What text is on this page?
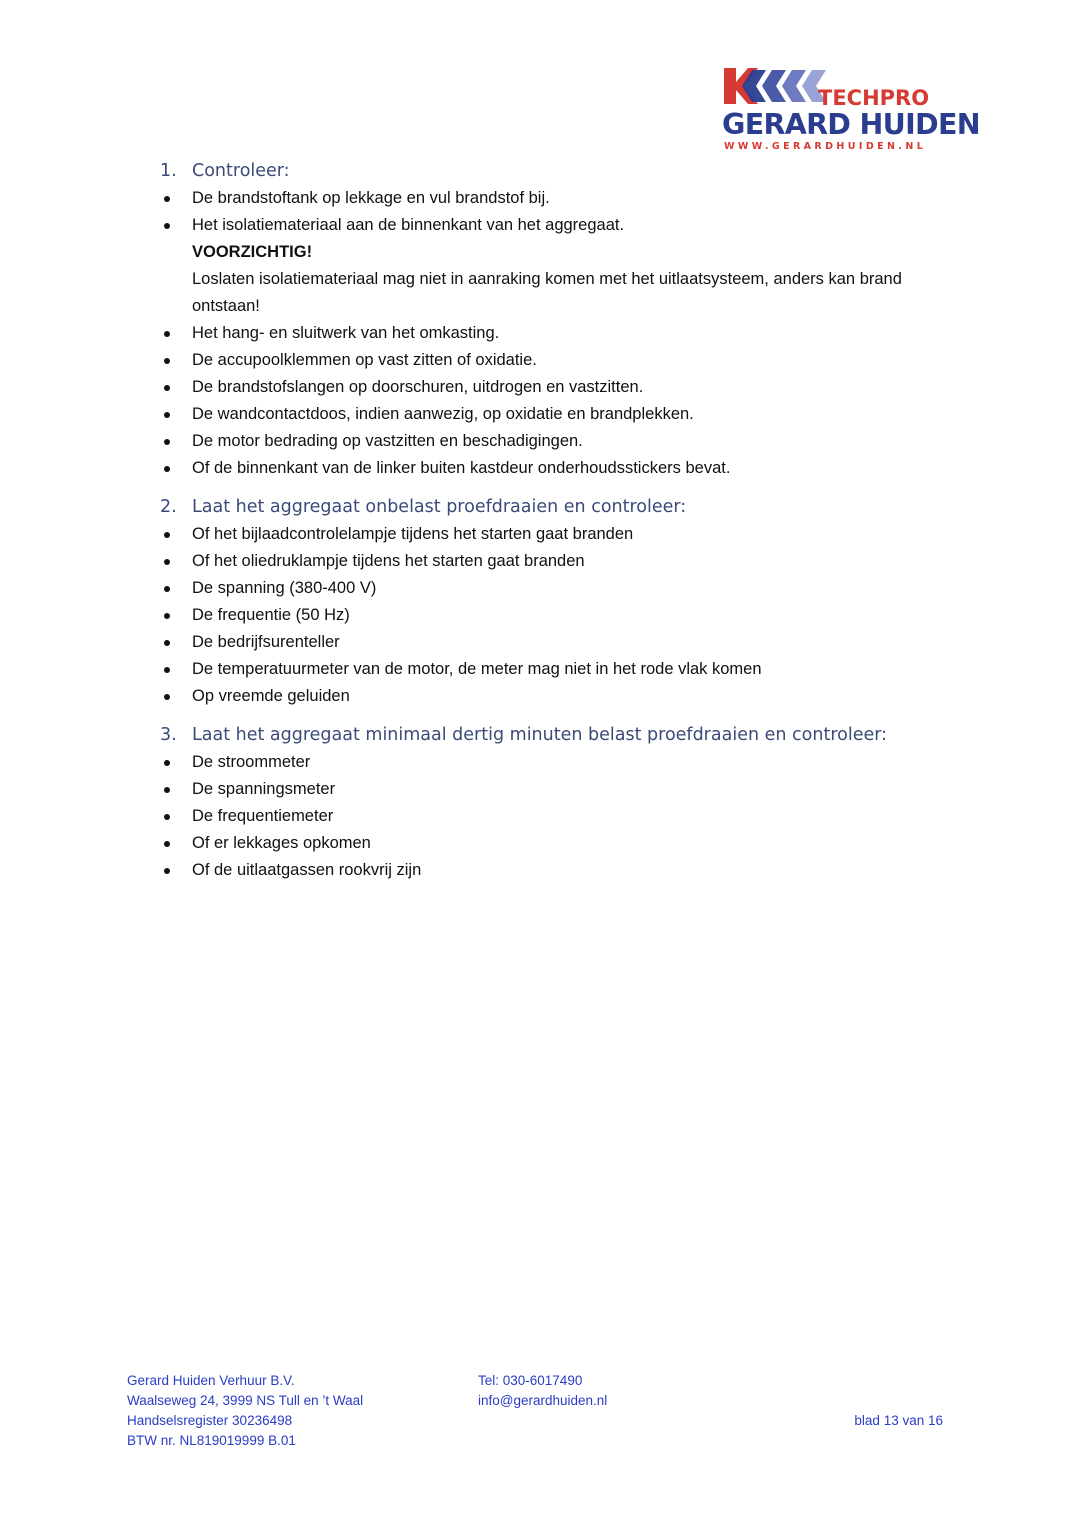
TECHPRO
GERARD HUIDEN
WWW.GERARDHUIDEN.NL
1. Controleer:
De brandstoftank op lekkage en vul brandstof bij.
Het isolatiemateriaal aan de binnenkant van het aggregaat.
VOORZICHTIG!
Loslaten isolatiemateriaal mag niet in aanraking komen met het uitlaatsysteem, anders kan brand ontstaan!
Het hang- en sluitwerk van het omkasting.
De accupoolklemmen op vast zitten of oxidatie.
De brandstofslangen op doorschuren, uitdrogen en vastzitten.
De wandcontactdoos, indien aanwezig, op oxidatie en brandplekken.
De motor bedrading op vastzitten en beschadigingen.
Of de binnenkant van de linker buiten kastdeur onderhoudsstickers bevat.
2. Laat het aggregaat onbelast proefdraaien en controleer:
Of het bijlaadcontrolelampje tijdens het starten gaat branden
Of het oliedruklampje tijdens het starten gaat branden
De spanning (380-400 V)
De frequentie (50 Hz)
De bedrijfsurenteller
De temperatuurmeter van de motor, de meter mag niet in het rode vlak komen
Op vreemde geluiden
3. Laat het aggregaat minimaal dertig minuten belast proefdraaien en controleer:
De stroommeter
De spanningsmeter
De frequentiemeter
Of er lekkages opkomen
Of de uitlaatgassen rookvrij zijn
Gerard Huiden Verhuur B.V.
Waalseweg 24, 3999 NS Tull en ’t Waal
Handselsregister 30236498
BTW nr. NL819019999 B.01
Tel: 030-6017490
info@gerardhuiden.nl
blad 13 van 16
